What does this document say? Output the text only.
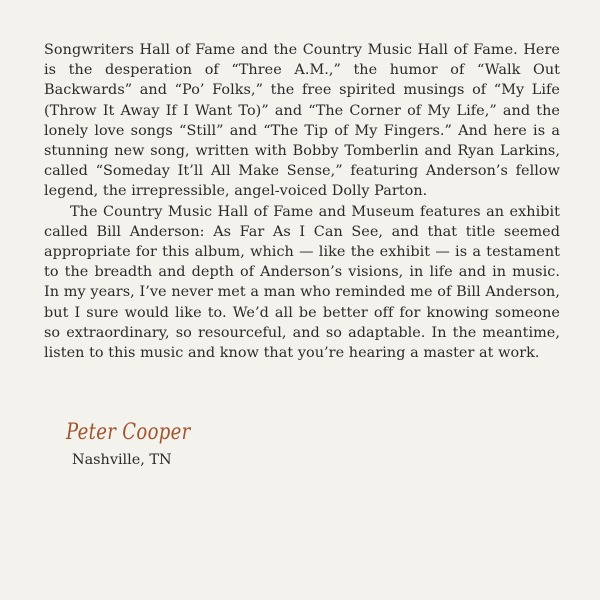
Songwriters Hall of Fame and the Country Music Hall of Fame. Here is the desperation of “Three A.M.,” the humor of “Walk Out Backwards” and “Po’ Folks,” the free spirited musings of “My Life (Throw It Away If I Want To)” and “The Corner of My Life,” and the lonely love songs “Still” and “The Tip of My Fingers.” And here is a stunning new song, written with Bobby Tomberlin and Ryan Larkins, called “Someday It’ll All Make Sense,” featuring Anderson’s fellow legend, the irrepressible, angel-voiced Dolly Parton.

The Country Music Hall of Fame and Museum features an exhibit called Bill Anderson: As Far As I Can See, and that title seemed appropriate for this album, which — like the exhibit — is a testament to the breadth and depth of Anderson’s visions, in life and in music. In my years, I’ve never met a man who reminded me of Bill Anderson, but I sure would like to. We’d all be better off for knowing someone so extraordinary, so resourceful, and so adaptable. In the meantime, listen to this music and know that you’re hearing a master at work.

Peter Cooper
Nashville, TN
